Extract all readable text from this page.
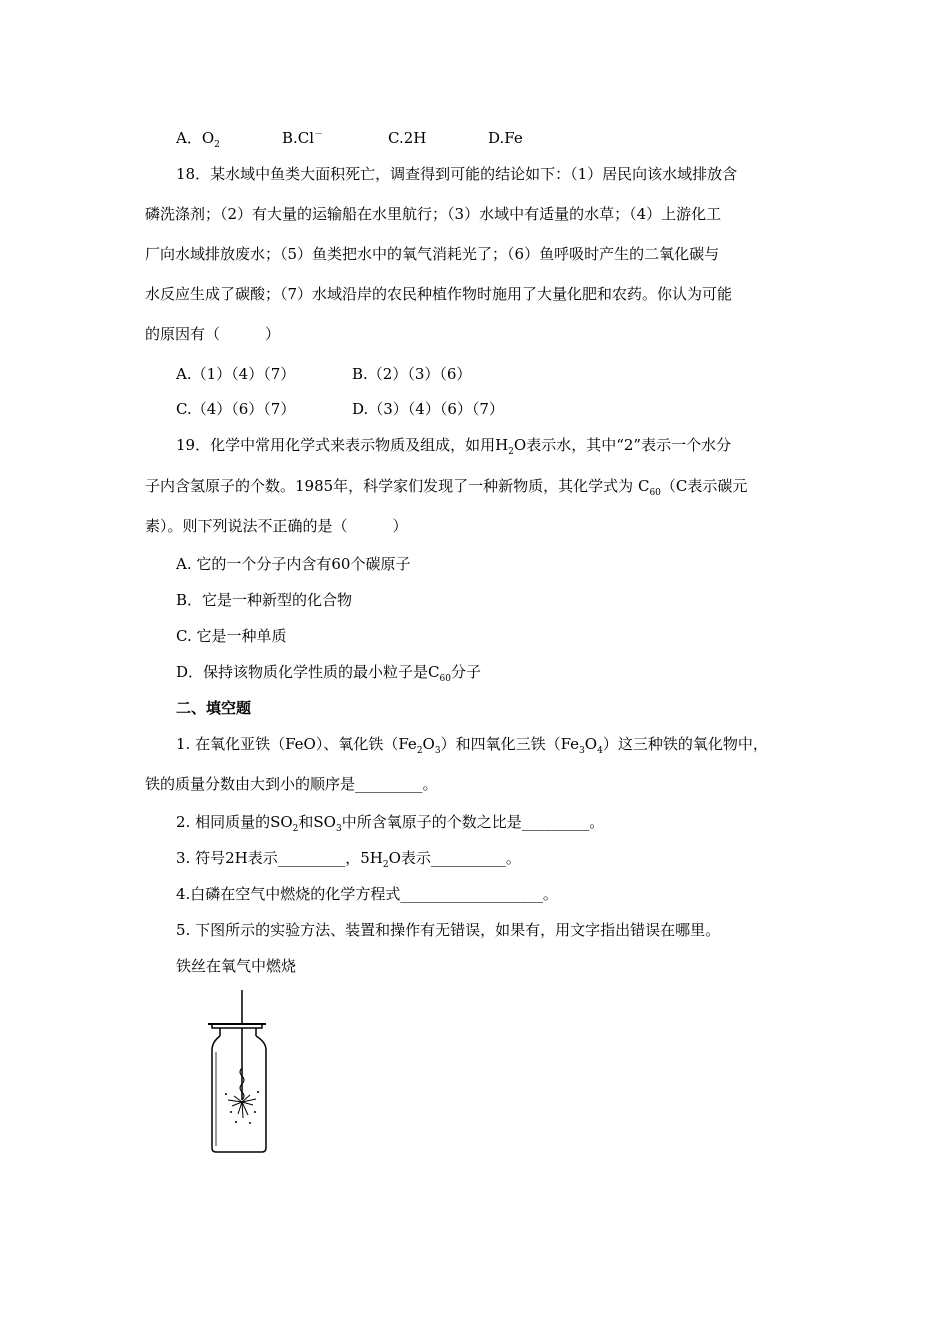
A．$O_2$	B.Cl－	C.2H	D.Fe
18．某水域中鱼类大面积死亡，调查得到可能的结论如下：（1）居民向该水域排放含
磷洗涤剂；（2）有大量的运输船在水里航行；（3）水域中有适量的水草；（4）上游化工
厂向水域排放废水；（5）鱼类把水中的氧气消耗光了；（6）鱼呼吸时产生的二氧化碳与
水反应生成了碳酸；（7）水域沿岸的农民种植作物时施用了大量化肥和农药。你认为可能
的原因有（　　　）
A.（1）（4）（7）	B.（2）（3）（6）
C.（4）（6）（7）	D.（3）（4）（6）（7）
19．化学中常用化学式来表示物质及组成，如用$H_2O$表示水，其中“2”表示一个水分
子内含氢原子的个数。1985年，科学家们发现了一种新物质，其化学式为 $C_{60}(C$表示碳元
素）。则下列说法不正确的是（　　　）
A. 它的一个分子内含有60个碳原子
B．它是一种新型的化合物
C. 它是一种单质
D．保持该物质化学性质的最小粒子是$C_{60}$分子
二、填空题
1. 在氧化亚铁（FeO）、氧化铁$(Fe_2O_3)$和四氧化三铁$(Fe_3O_4)$这三种铁的氧化物中，
铁的质量分数由大到小的顺序是_________。
2. 相同质量的$SO_2$和$SO_3$中所含氧原子的个数之比是_________。
3. 符号2H表示_________，$5H_2O$表示__________。
4.白磷在空气中燃烧的化学方程式___________________。
5. 下图所示的实验方法、装置和操作有无错误，如果有，用文字指出错误在哪里。
铁丝在氧气中燃烧
